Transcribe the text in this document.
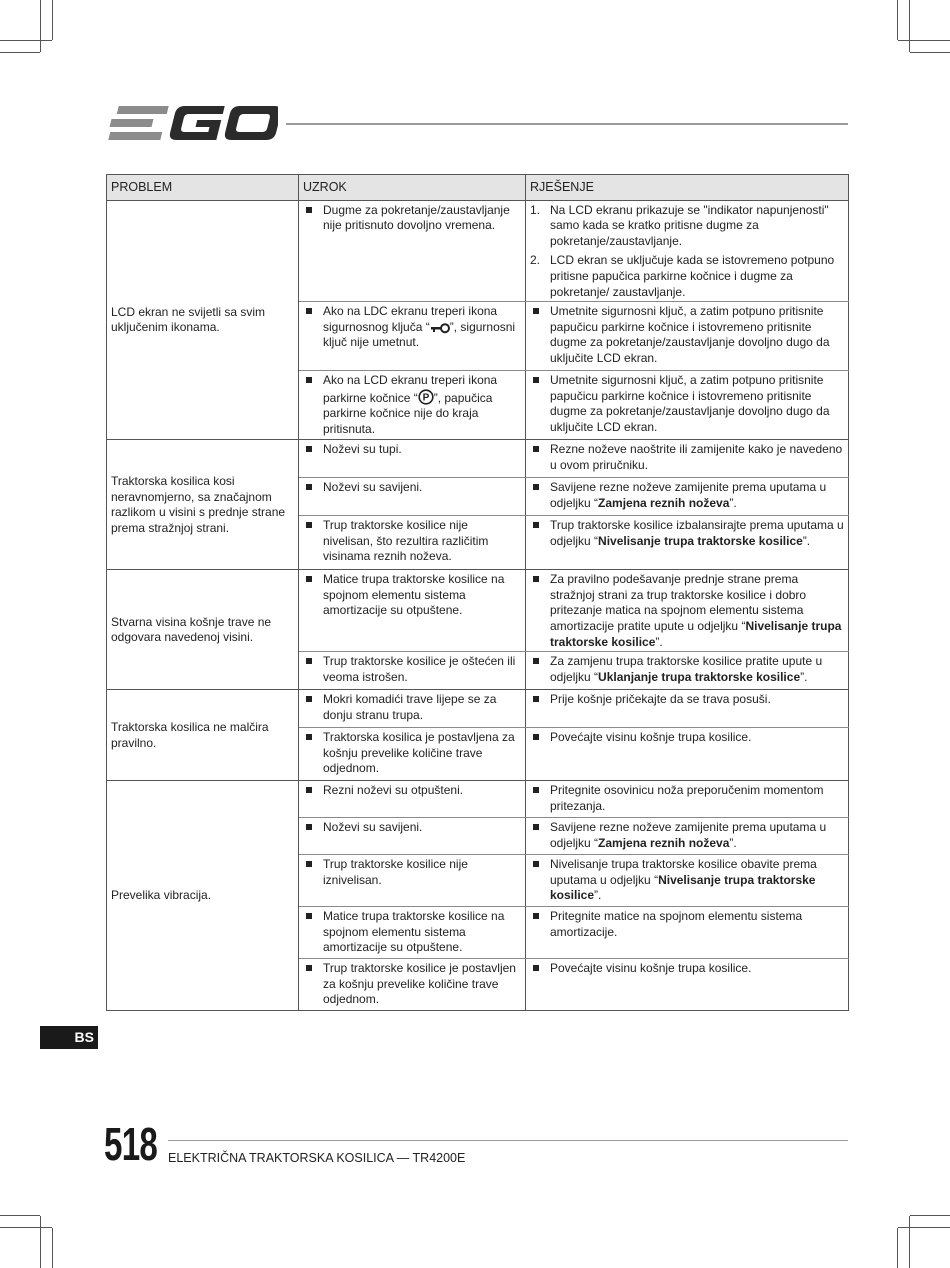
PROBLEM	UZROK	RJEŠENJE
LCD ekran ne svijetli sa svim uključenim ikonama.	Dugme za pokretanje/zaustavljanje nije pritisnuto dovoljno vremena.	1. Na LCD ekranu prikazuje se "indikator napunjenosti" samo kada se kratko pritisne dugme za pokretanje/zaustavljanje.
2. LCD ekran se uključuje kada se istovremeno potpuno pritisne papučica parkirne kočnice i dugme za pokretanje/ zaustavljanje.

	Ako na LDC ekranu treperi ikona sigurnosnog ključa “ ”, sigurnosni ključ nije umetnut.	Umetnite sigurnosni ključ, a zatim potpuno pritisnite papučicu parkirne kočnice i istovremeno pritisnite dugme za pokretanje/zaustavljanje dovoljno dugo da uključite LCD ekran.

	Ako na LCD ekranu treperi ikona parkirne kočnice “ P ”, papučica parkirne kočnice nije do kraja pritisnuta.	Umetnite sigurnosni ključ, a zatim potpuno pritisnite papučicu parkirne kočnice i istovremeno pritisnite dugme za pokretanje/zaustavljanje dovoljno dugo da uključite LCD ekran.

Traktorska kosilica kosi neravnomjerno, sa značajnom razlikom u visini s prednje strane prema stražnjoj strani.	Noževi su tupi.	Rezne noževe naoštrite ili zamijenite kako je navedeno u ovom priručniku.

	Noževi su savijeni.	Savijene rezne noževe zamijenite prema uputama u odjeljku “Zamjena reznih noževa”.

	Trup traktorske kosilice nije nivelisan, što rezultira različitim visinama reznih noževa.	Trup traktorske kosilice izbalansirajte prema uputama u odjeljku “Nivelisanje trupa traktorske kosilice”.

Stvarna visina košnje trave ne odgovara navedenoj visini.	Matice trupa traktorske kosilice na spojnom elementu sistema amortizacije su otpuštene.	Za pravilno podešavanje prednje strane prema stražnjoj strani za trup traktorske kosilice i dobro pritezanje matica na spojnom elementu sistema amortizacije pratite upute u odjeljku “Nivelisanje trupa traktorske kosilice”.

	Trup traktorske kosilice je oštećen ili veoma istrošen.	Za zamjenu trupa traktorske kosilice pratite upute u odjeljku “Uklanjanje trupa traktorske kosilice”.

Traktorska kosilica ne malčira pravilno.	Mokri komadići trave lijepe se za donju stranu trupa.	Prije košnje pričekajte da se trava posuši.

	Traktorska kosilica je postavljena za košnju prevelike količine trave odjednom.	Povećajte visinu košnje trupa kosilice.

Prevelika vibracija.	Rezni noževi su otpušteni.	Pritegnite osovinicu noža preporučenim momentom pritezanja.

	Noževi su savijeni.	Savijene rezne noževe zamijenite prema uputama u odjeljku “Zamjena reznih noževa”.

	Trup traktorske kosilice nije iznivelisan.	Nivelisanje trupa traktorske kosilice obavite prema uputama u odjeljku “Nivelisanje trupa traktorske kosilice”.

	Matice trupa traktorske kosilice na spojnom elementu sistema amortizacije su otpuštene.	Pritegnite matice na spojnom elementu sistema amortizacije.

	Trup traktorske kosilice je postavljen za košnju prevelike količine trave odjednom.	Povećajte visinu košnje trupa kosilice.
BS
518 ELEKTRIČNA TRAKTORSKA KOSILICA — TR4200E
